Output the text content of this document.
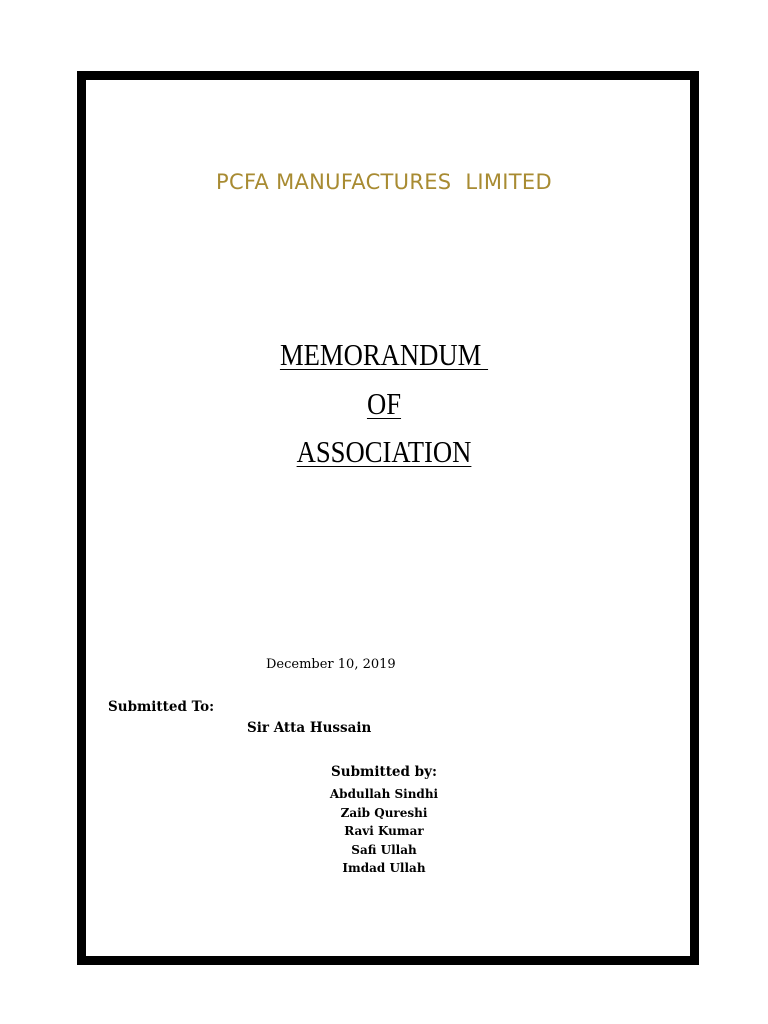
PCFA MANUFACTURES  LIMITED
MEMORANDUM
OF
ASSOCIATION
December 10, 2019
Submitted To:
Sir Atta Hussain
Submitted by:
Abdullah Sindhi
Zaib Qureshi
Ravi Kumar
Safi Ullah
Imdad Ullah
